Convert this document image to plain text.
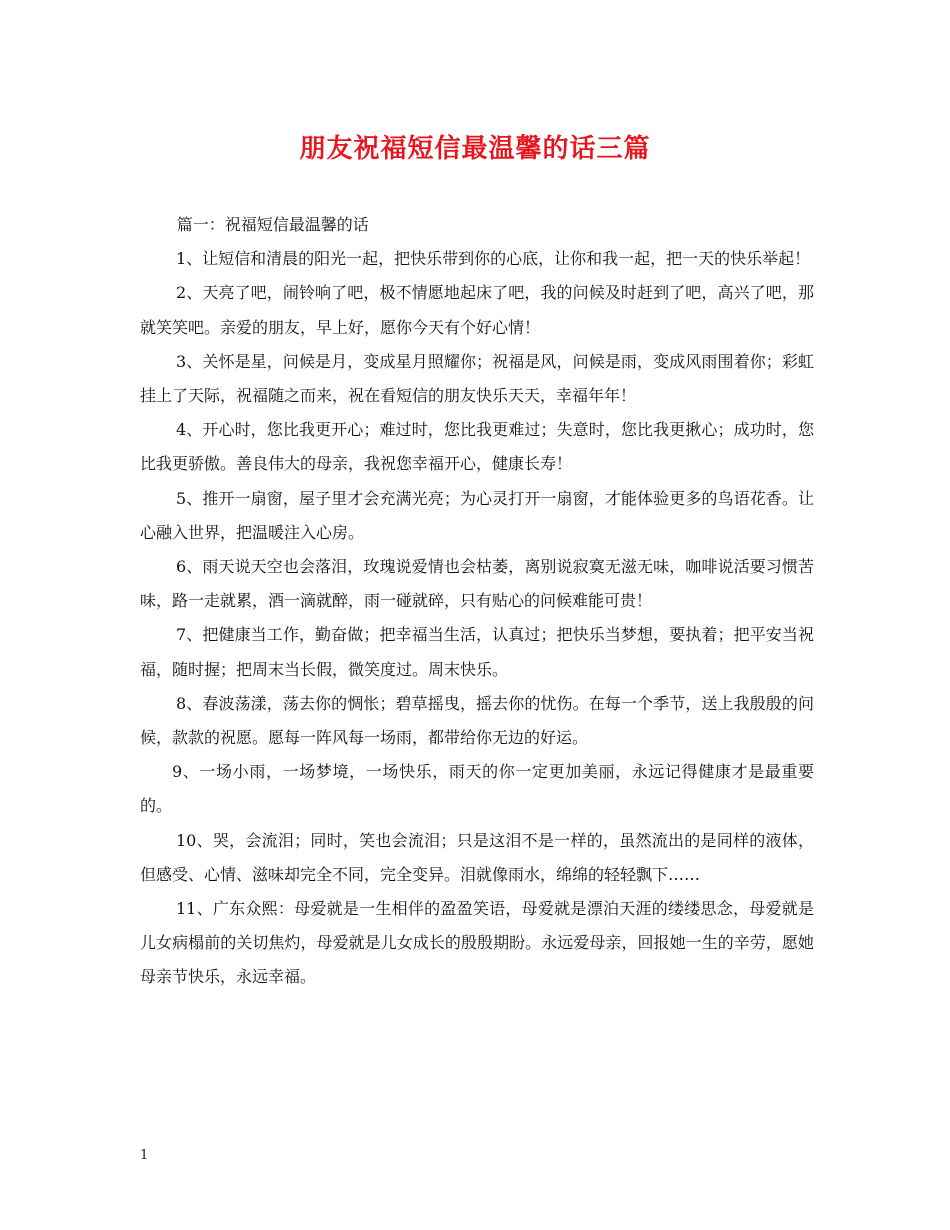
朋友祝福短信最温馨的话三篇

篇一：祝福短信最温馨的话

1、让短信和清晨的阳光一起，把快乐带到你的心底，让你和我一起，把一天的快乐举起！

2、天亮了吧，闹铃响了吧，极不情愿地起床了吧，我的问候及时赶到了吧，高兴了吧，那就笑笑吧。亲爱的朋友，早上好，愿你今天有个好心情！

3、关怀是星，问候是月，变成星月照耀你；祝福是风，问候是雨，变成风雨围着你；彩虹挂上了天际，祝福随之而来，祝在看短信的朋友快乐天天，幸福年年！

4、开心时，您比我更开心；难过时，您比我更难过；失意时，您比我更揪心；成功时，您比我更骄傲。善良伟大的母亲，我祝您幸福开心，健康长寿！

5、推开一扇窗，屋子里才会充满光亮；为心灵打开一扇窗，才能体验更多的鸟语花香。让心融入世界，把温暖注入心房。

6、雨天说天空也会落泪，玫瑰说爱情也会枯萎，离别说寂寞无滋无味，咖啡说活要习惯苦味，路一走就累，酒一滴就醉，雨一碰就碎，只有贴心的问候难能可贵！

7、把健康当工作，勤奋做；把幸福当生活，认真过；把快乐当梦想，要执着；把平安当祝福，随时握；把周末当长假，微笑度过。周末快乐。

8、春波荡漾，荡去你的惆怅；碧草摇曳，摇去你的忧伤。在每一个季节，送上我殷殷的问候，款款的祝愿。愿每一阵风每一场雨，都带给你无边的好运。

9、一场小雨，一场梦境，一场快乐，雨天的你一定更加美丽，永远记得健康才是最重要的。

10、哭，会流泪；同时，笑也会流泪；只是这泪不是一样的，虽然流出的是同样的液体，但感受、心情、滋味却完全不同，完全变异。泪就像雨水，绵绵的轻轻飘下……

11、广东众熙：母爱就是一生相伴的盈盈笑语，母爱就是漂泊天涯的缕缕思念，母爱就是儿女病榻前的关切焦灼，母爱就是儿女成长的殷殷期盼。永远爱母亲，回报她一生的辛劳，愿她母亲节快乐，永远幸福。

1
